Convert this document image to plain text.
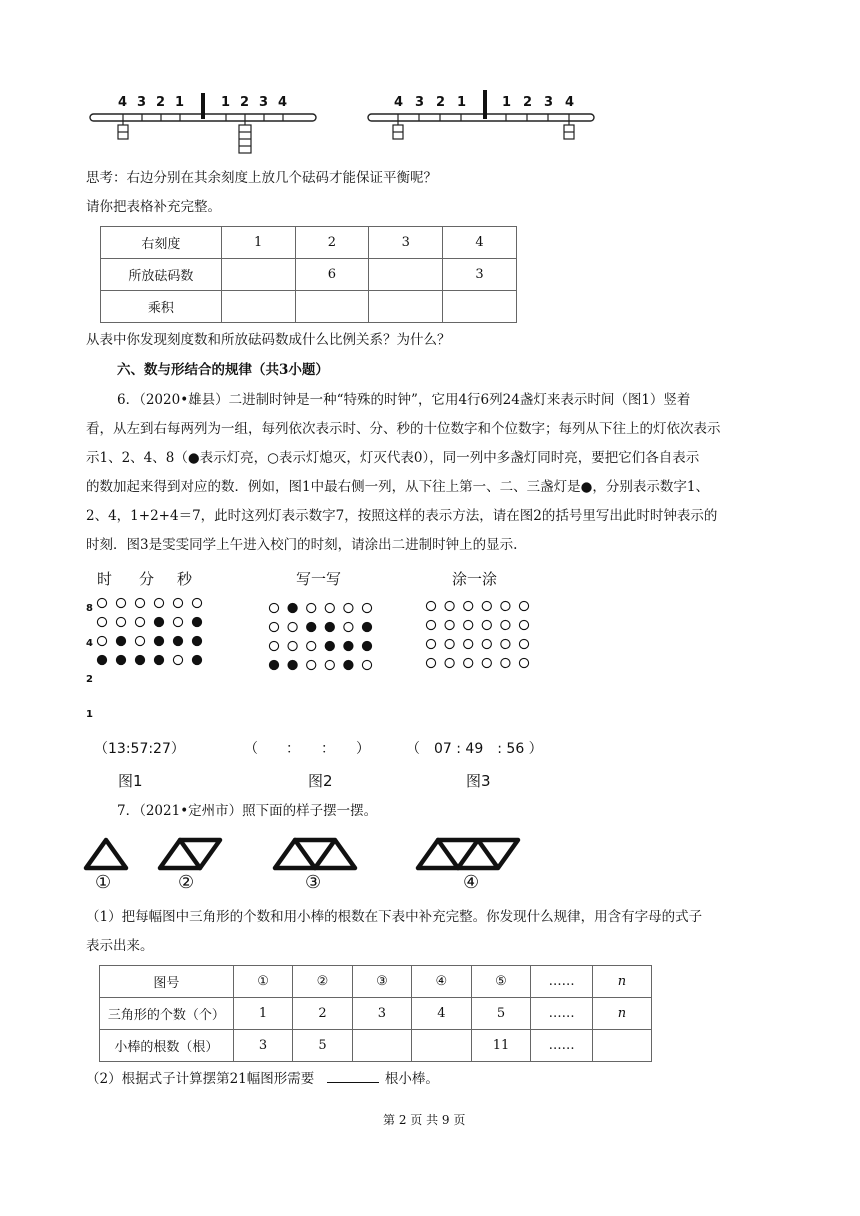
4 3 2 1	1 2 3 4	4 3 2 1	1 2 3 4
思考：右边分别在其余刻度上放几个砝码才能保证平衡呢？
请你把表格补充完整。
右刻度	1	2	3	4
所放砝码数		6		3
乘积				
从表中你发现刻度数和所放砝码数成什么比例关系？为什么？
六、数与形结合的规律（共3小题）
6．（2020•雄县）二进制时钟是一种“特殊的时钟”，它用4行6列24盏灯来表示时间（图1）竖着
看，从左到右每两列为一组，每列依次表示时、分、秒的十位数字和个位数字；每列从下往上的灯依次表示
示1、2、4、8（●表示灯亮，○表示灯熄灭，灯灭代表0），同一列中多盏灯同时亮，要把它们各自表示
的数加起来得到对应的数．例如，图1中最右侧一列，从下往上第一、二、三盏灯是●，分别表示数字1、
2、4，1+2+4＝7，此时这列灯表示数字7，按照这样的表示方法，请在图2的括号里写出此时时钟表示的
时刻．图3是雯雯同学上午进入校门的时刻，请涂出二进制时钟上的显示.
时 分 秒	写一写	涂一涂
8
4
2
1
（13:57:27）	（　　：　　：　　）	（　07 : 49　: 56 ）
图1	图2	图3
7．（2021•定州市）照下面的样子摆一摆。
①	②	③	④
（1）把每幅图中三角形的个数和用小棒的根数在下表中补充完整。你发现什么规律，用含有字母的式子
表示出来。
图号	①	②	③	④	⑤	……	n
三角形的个数（个）	1	2	3	4	5	……	n
小棒的根数（根）	3	5			11	……	
（2）根据式子计算摆第21幅图形需要	根小棒。
第 2 页 共 9 页
